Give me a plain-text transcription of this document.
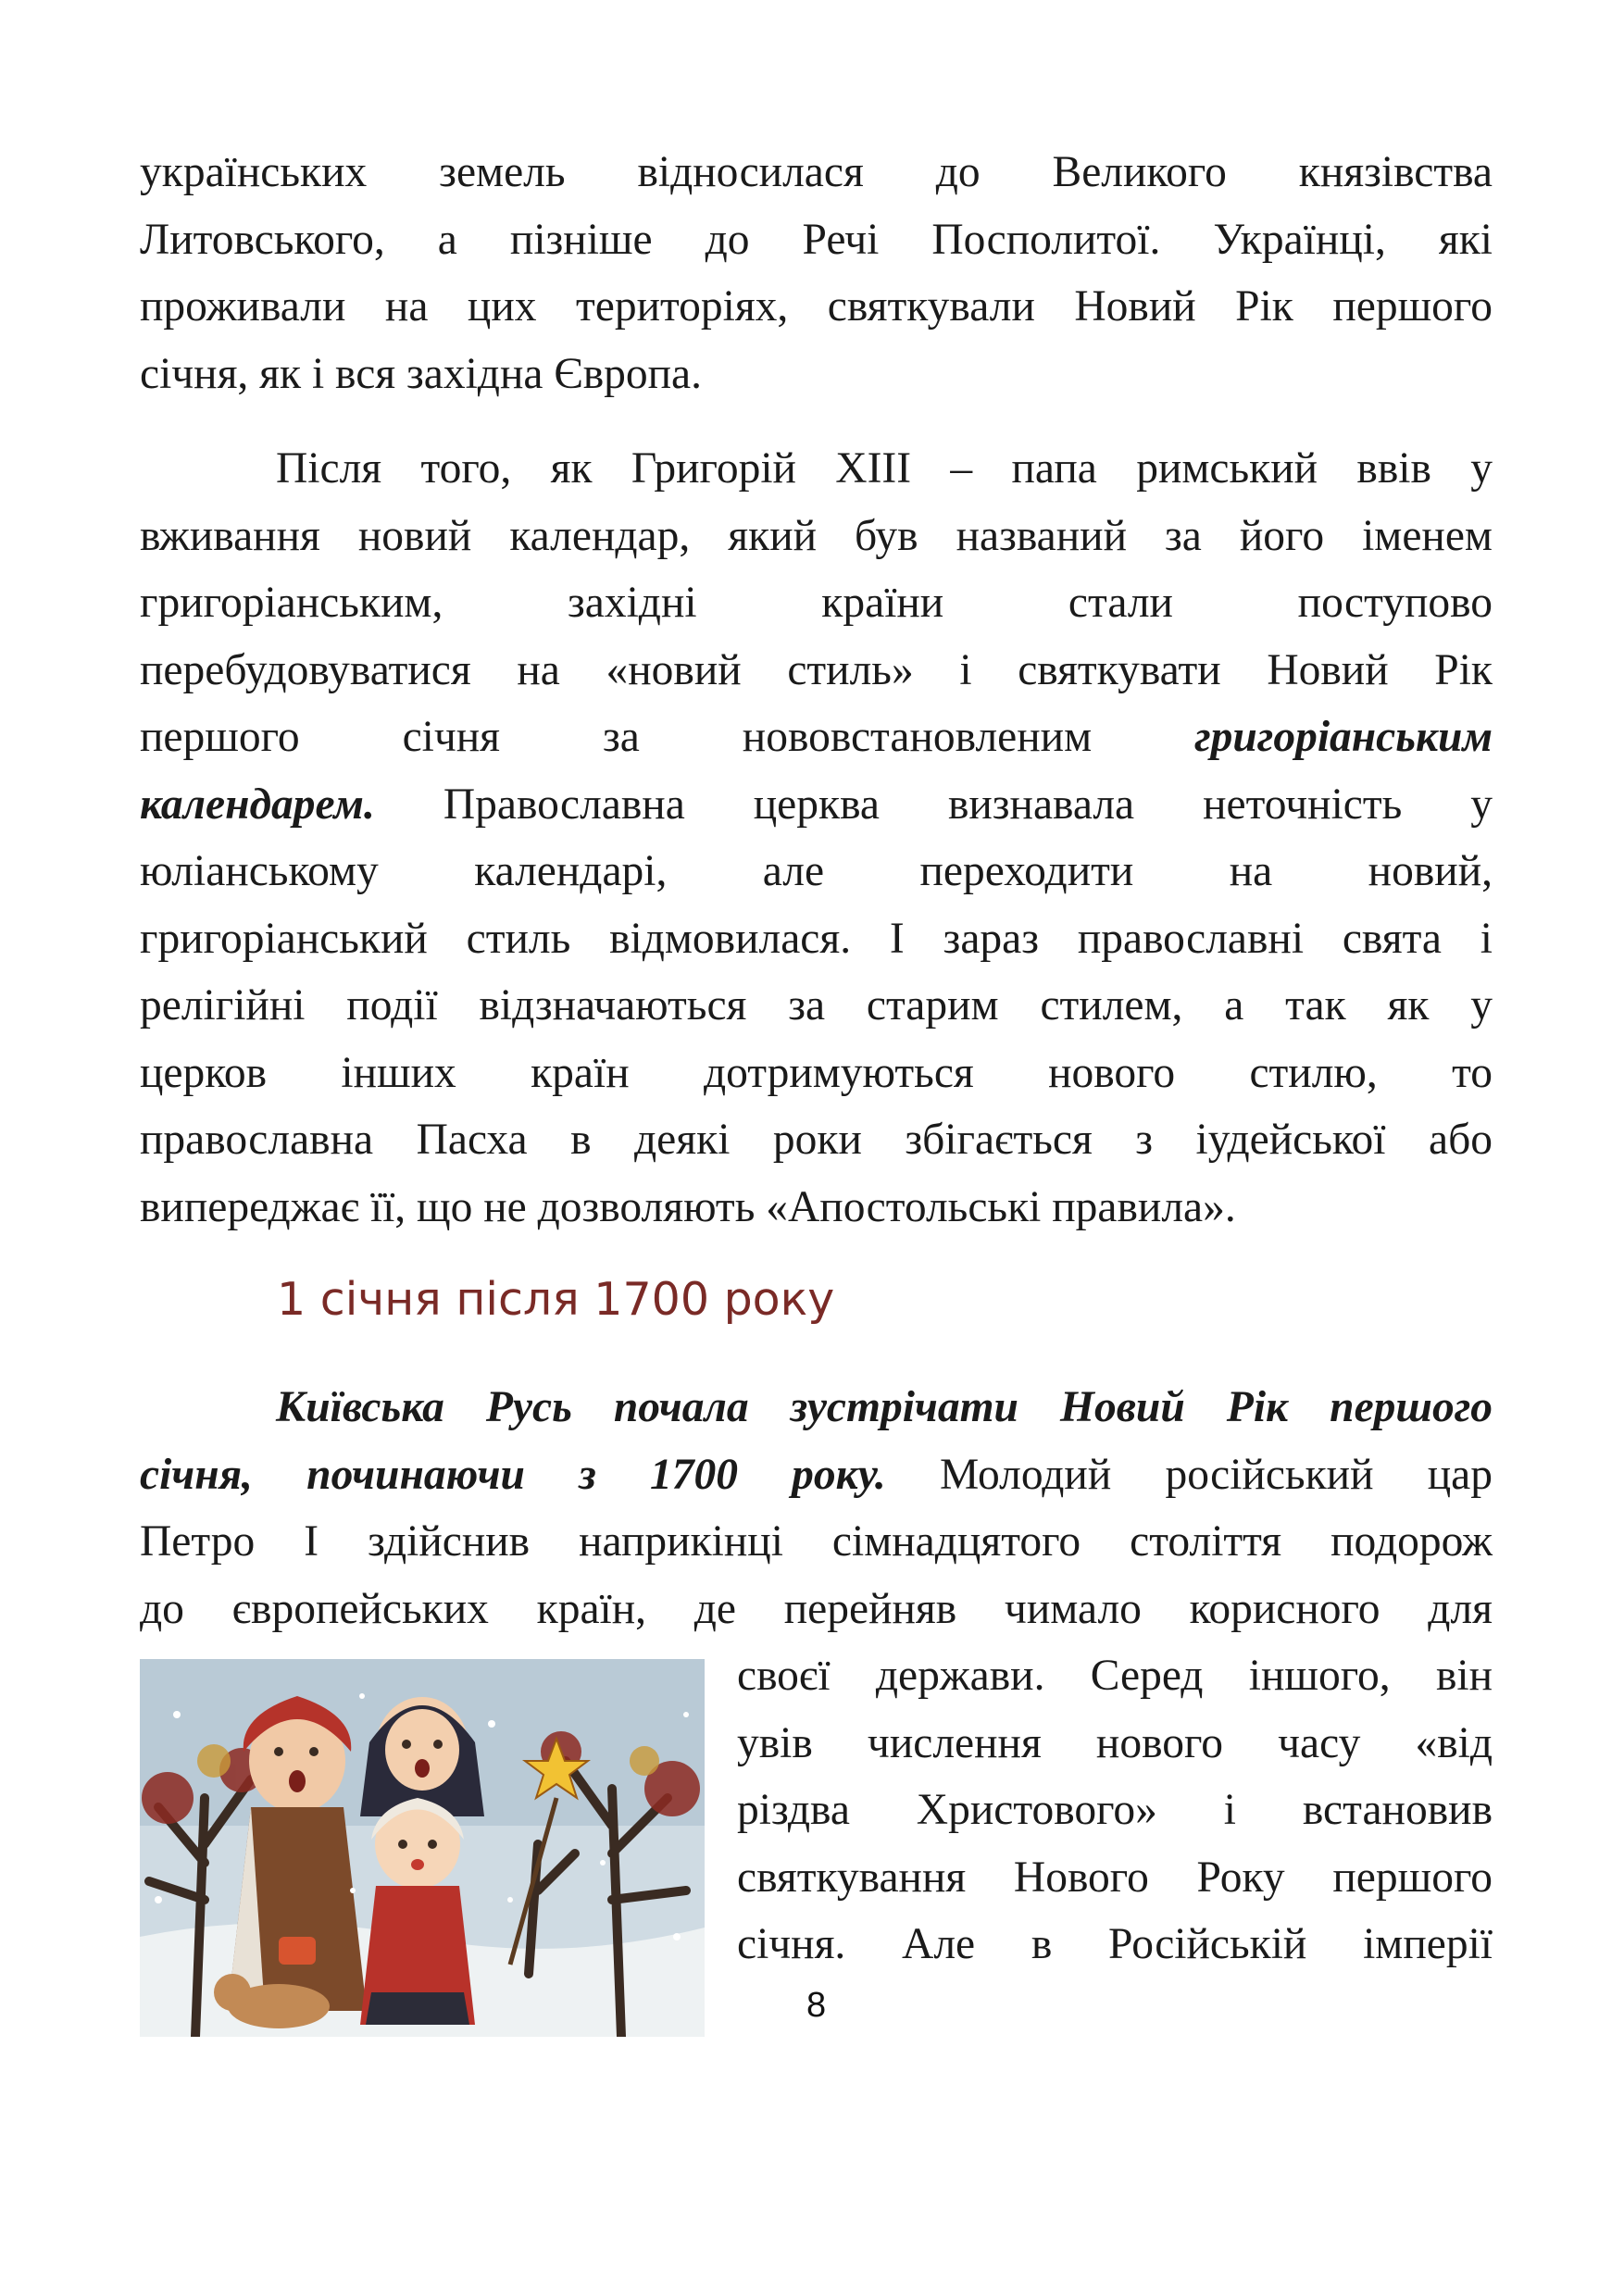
українських земель відносилася до Великого князівства
Литовського, а пізніше до Речі Посполитої. Українці, які
проживали на цих територіях, святкували Новий Рік першого
січня, як і вся західна Європа.
Після того, як Григорій XIII – папа римський ввів у
вживання новий календар, який був названий за його іменем
григоріанським, західні країни стали поступово
перебудовуватися на «новий стиль» і святкувати Новий Рік
першого січня за нововстановленим григоріанським
календарем. Православна церква визнавала неточність у
юліанському календарі, але переходити на новий,
григоріанський стиль відмовилася. І зараз православні свята і
релігійні події відзначаються за старим стилем, а так як у
церков інших країн дотримуються нового стилю, то
православна Пасха в деякі роки збігається з іудейської або
випереджає її, що не дозволяють «Апостольські правила».
1 січня після 1700 року
Київська Русь почала зустрічати Новий Рік першого
січня, починаючи з 1700 року. Молодий російський цар
Петро І здійснив наприкінці сімнадцятого століття подорож
до європейських країн, де перейняв чимало корисного для
своєї держави. Серед іншого, він
увів числення нового часу «від
різдва Христового» і встановив
святкування Нового Року першого
січня. Але в Російській імперії
8
